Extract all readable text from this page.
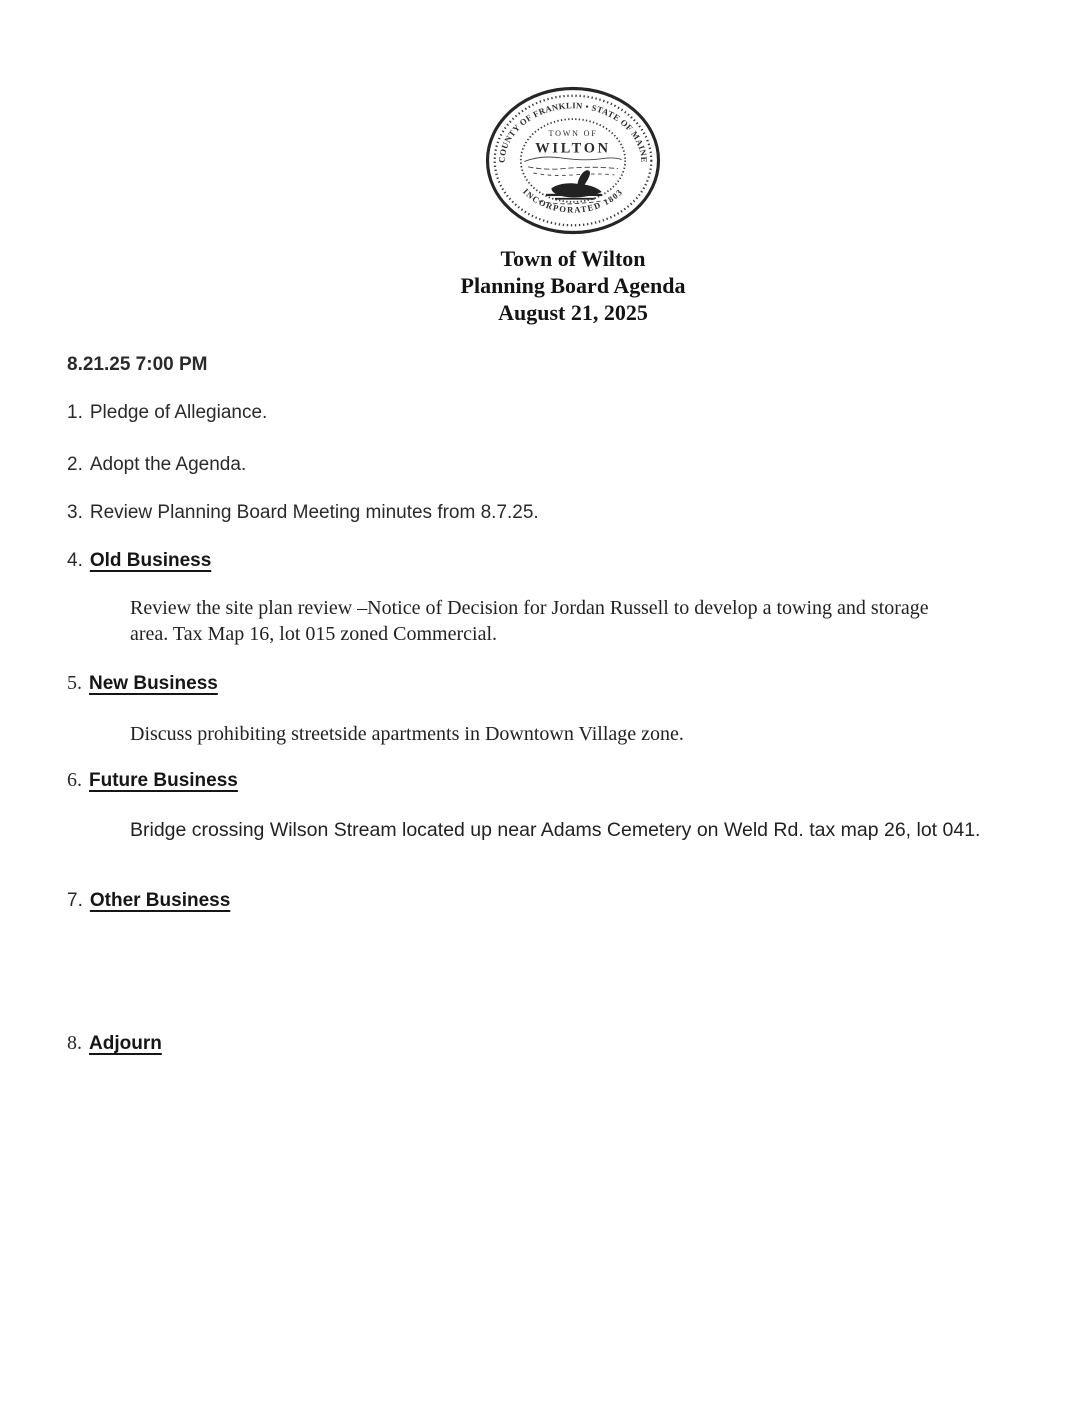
COUNTY OF FRANKLIN • STATE OF MAINE
INCORPORATED 1803
TOWN OF
WILTON
Town of Wilton
Planning Board Agenda
August 21, 2025

8.21.25 7:00 PM

1. Pledge of Allegiance.

2. Adopt the Agenda.

3. Review Planning Board Meeting minutes from 8.7.25.

4. Old Business

Review the site plan review –Notice of Decision for Jordan Russell to develop a towing and storage area. Tax Map 16, lot 015 zoned Commercial.

5. New Business

Discuss prohibiting streetside apartments in Downtown Village zone.

6. Future Business

Bridge crossing Wilson Stream located up near Adams Cemetery on Weld Rd. tax map 26, lot 041.

7. Other Business

8. Adjourn
